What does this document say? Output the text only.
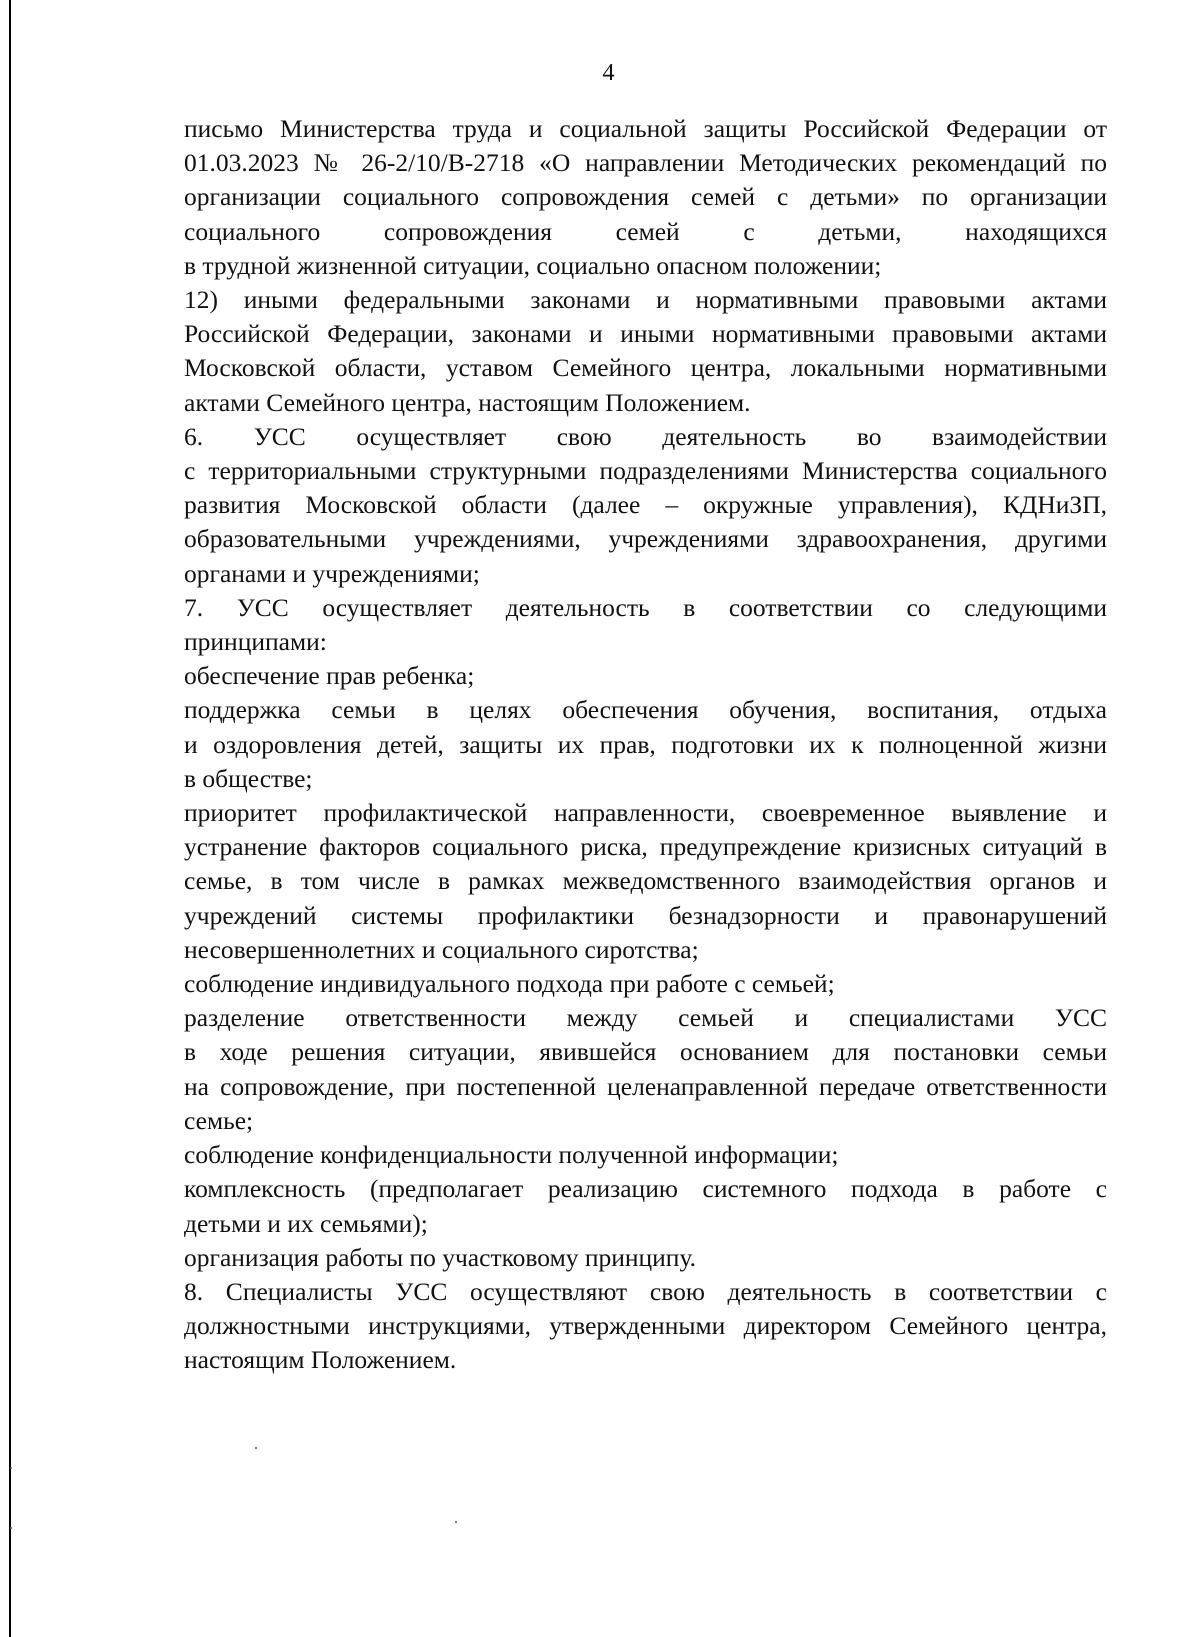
4
письмо Министерства труда и социальной защиты Российской Федерации от
01.03.2023 № 26-2/10/В-2718 «О направлении Методических рекомендаций по
организации социального сопровождения семей с детьми» по организации
социального сопровождения семей с детьми, находящихся
в трудной жизненной ситуации, социально опасном положении;
12) иными федеральными законами и нормативными правовыми актами
Российской Федерации, законами и иными нормативными правовыми актами
Московской области, уставом Семейного центра, локальными нормативными
актами Семейного центра, настоящим Положением.
6. УСС осуществляет свою деятельность во взаимодействии
с территориальными структурными подразделениями Министерства социального
развития Московской области (далее – окружные управления), КДНиЗП,
образовательными учреждениями, учреждениями здравоохранения, другими
органами и учреждениями;
7. УСС осуществляет деятельность в соответствии со следующими
принципами:
обеспечение прав ребенка;
поддержка семьи в целях обеспечения обучения, воспитания, отдыха
и оздоровления детей, защиты их прав, подготовки их к полноценной жизни
в обществе;
приоритет профилактической направленности, своевременное выявление и
устранение факторов социального риска, предупреждение кризисных ситуаций в
семье, в том числе в рамках межведомственного взаимодействия органов и
учреждений системы профилактики безнадзорности и правонарушений
несовершеннолетних и социального сиротства;
соблюдение индивидуального подхода при работе с семьей;
разделение ответственности между семьей и специалистами УСС
в ходе решения ситуации, явившейся основанием для постановки семьи
на сопровождение, при постепенной целенаправленной передаче ответственности
семье;
соблюдение конфиденциальности полученной информации;
комплексность (предполагает реализацию системного подхода в работе с
детьми и их семьями);
организация работы по участковому принципу.
8. Специалисты УСС осуществляют свою деятельность в соответствии с
должностными инструкциями, утвержденными директором Семейного центра,
настоящим Положением.
